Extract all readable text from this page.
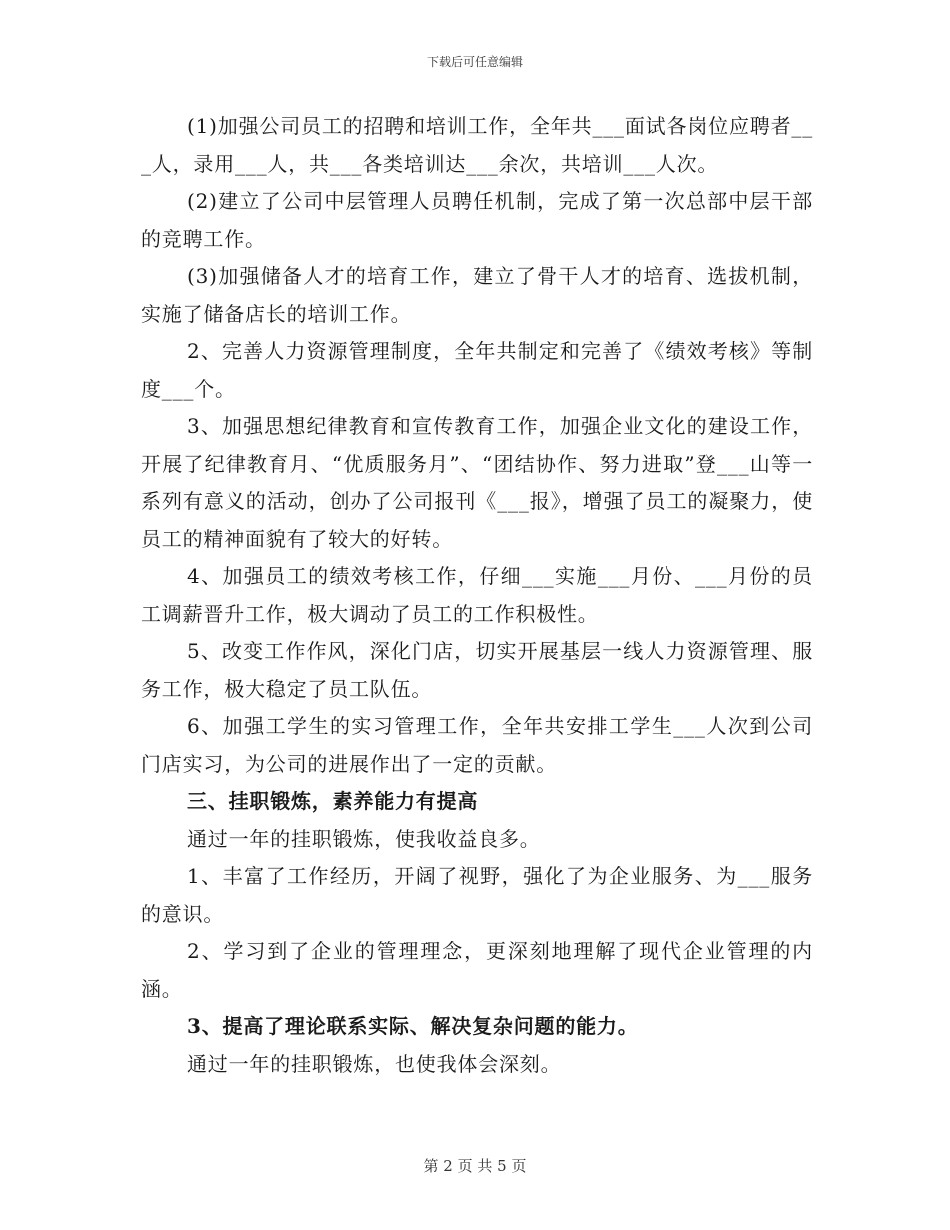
下载后可任意编辑

(1)加强公司员工的招聘和培训工作，全年共___面试各岗位应聘者___人，录用___人，共___各类培训达___余次，共培训___人次。

(2)建立了公司中层管理人员聘任机制，完成了第一次总部中层干部的竞聘工作。

(3)加强储备人才的培育工作，建立了骨干人才的培育、选拔机制，实施了储备店长的培训工作。

2、完善人力资源管理制度，全年共制定和完善了《绩效考核》等制度___个。

3、加强思想纪律教育和宣传教育工作，加强企业文化的建设工作，开展了纪律教育月、“优质服务月”、“团结协作、努力进取”登___山等一系列有意义的活动，创办了公司报刊《___报》，增强了员工的凝聚力，使员工的精神面貌有了较大的好转。

4、加强员工的绩效考核工作，仔细___实施___月份、___月份的员工调薪晋升工作，极大调动了员工的工作积极性。

5、改变工作作风，深化门店，切实开展基层一线人力资源管理、服务工作，极大稳定了员工队伍。

6、加强工学生的实习管理工作，全年共安排工学生___人次到公司门店实习，为公司的进展作出了一定的贡献。

三、挂职锻炼，素养能力有提高

通过一年的挂职锻炼，使我收益良多。

1、丰富了工作经历，开阔了视野，强化了为企业服务、为___服务的意识。

2、学习到了企业的管理理念，更深刻地理解了现代企业管理的内涵。

3、提高了理论联系实际、解决复杂问题的能力。

通过一年的挂职锻炼，也使我体会深刻。

第 2 页 共 5 页
